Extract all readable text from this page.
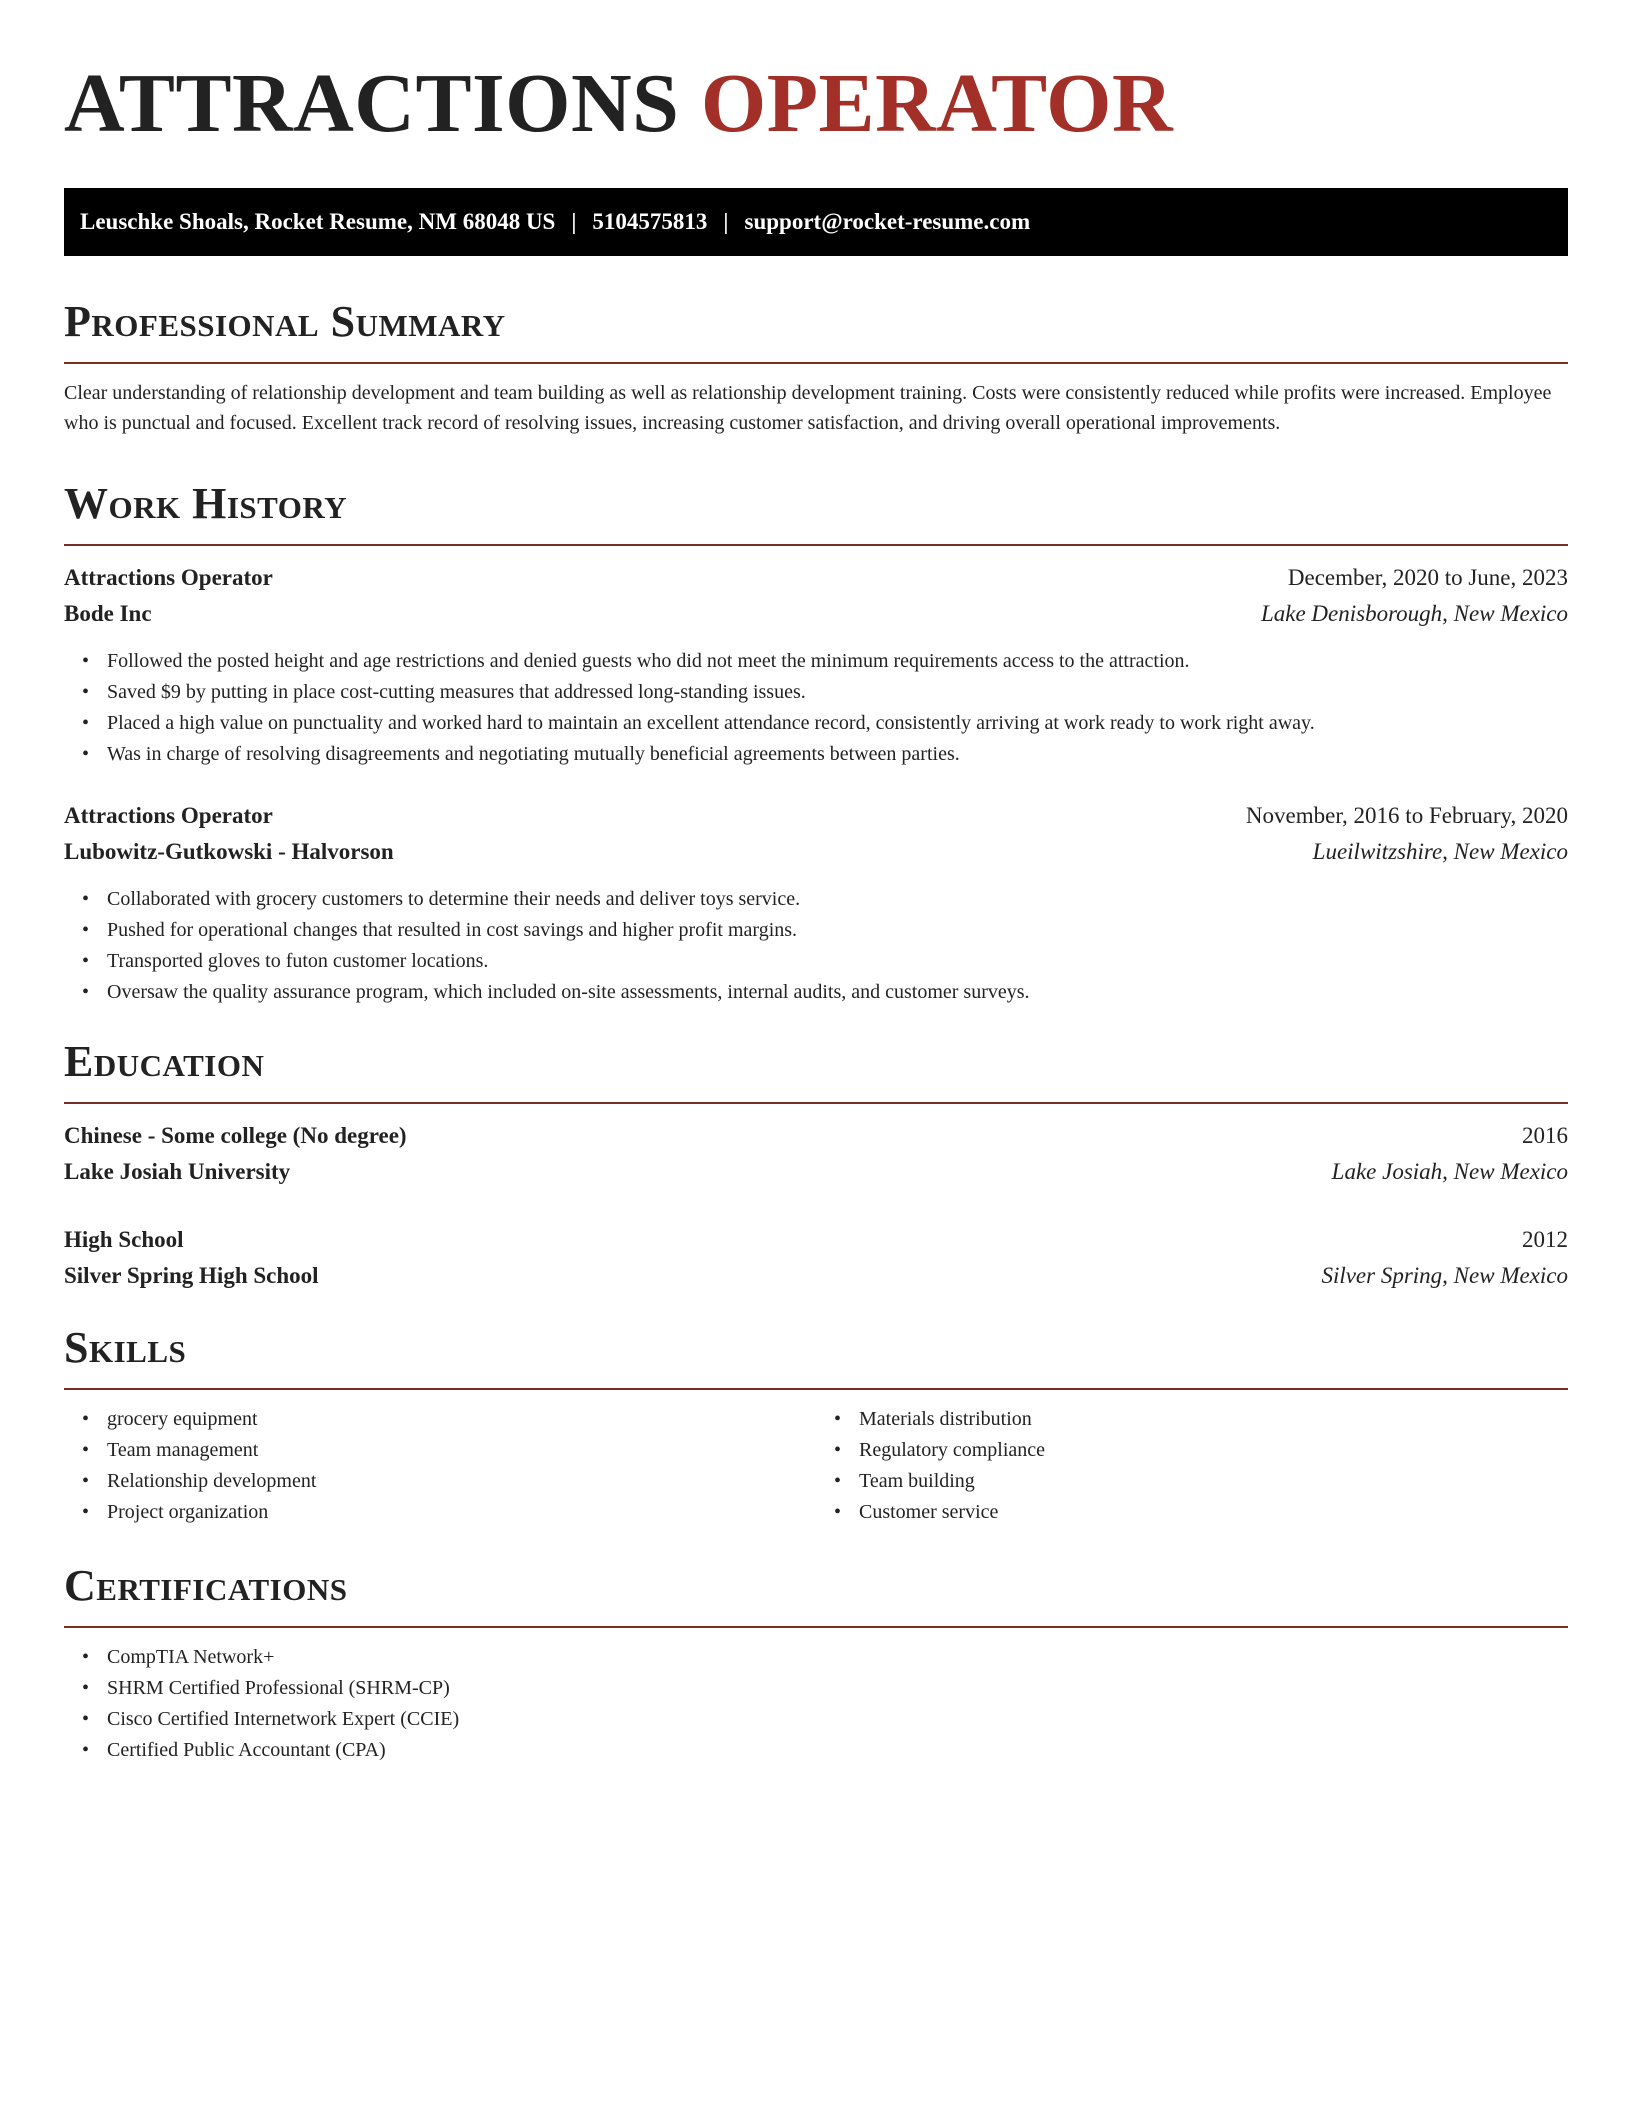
ATTRACTIONS OPERATOR
Leuschke Shoals, Rocket Resume, NM 68048 US | 5104575813 | support@rocket-resume.com
Professional Summary

Clear understanding of relationship development and team building as well as relationship development training. Costs were consistently reduced while profits were increased. Employee who is punctual and focused. Excellent track record of resolving issues, increasing customer satisfaction, and driving overall operational improvements.

Work History
Attractions Operator	December, 2020 to June, 2023
Bode Inc	Lake Denisborough, New Mexico
• Followed the posted height and age restrictions and denied guests who did not meet the minimum requirements access to the attraction.
• Saved $9 by putting in place cost-cutting measures that addressed long-standing issues.
• Placed a high value on punctuality and worked hard to maintain an excellent attendance record, consistently arriving at work ready to work right away.
• Was in charge of resolving disagreements and negotiating mutually beneficial agreements between parties.
Attractions Operator	November, 2016 to February, 2020
Lubowitz-Gutkowski - Halvorson	Lueilwitzshire, New Mexico
• Collaborated with grocery customers to determine their needs and deliver toys service.
• Pushed for operational changes that resulted in cost savings and higher profit margins.
• Transported gloves to futon customer locations.
• Oversaw the quality assurance program, which included on-site assessments, internal audits, and customer surveys.
Education
Chinese - Some college (No degree)	2016
Lake Josiah University	Lake Josiah, New Mexico
High School	2012
Silver Spring High School	Silver Spring, New Mexico
Skills
• grocery equipment
• Team management
• Relationship development
• Project organization
• Materials distribution
• Regulatory compliance
• Team building
• Customer service
Certifications
• CompTIA Network+
• SHRM Certified Professional (SHRM-CP)
• Cisco Certified Internetwork Expert (CCIE)
• Certified Public Accountant (CPA)
